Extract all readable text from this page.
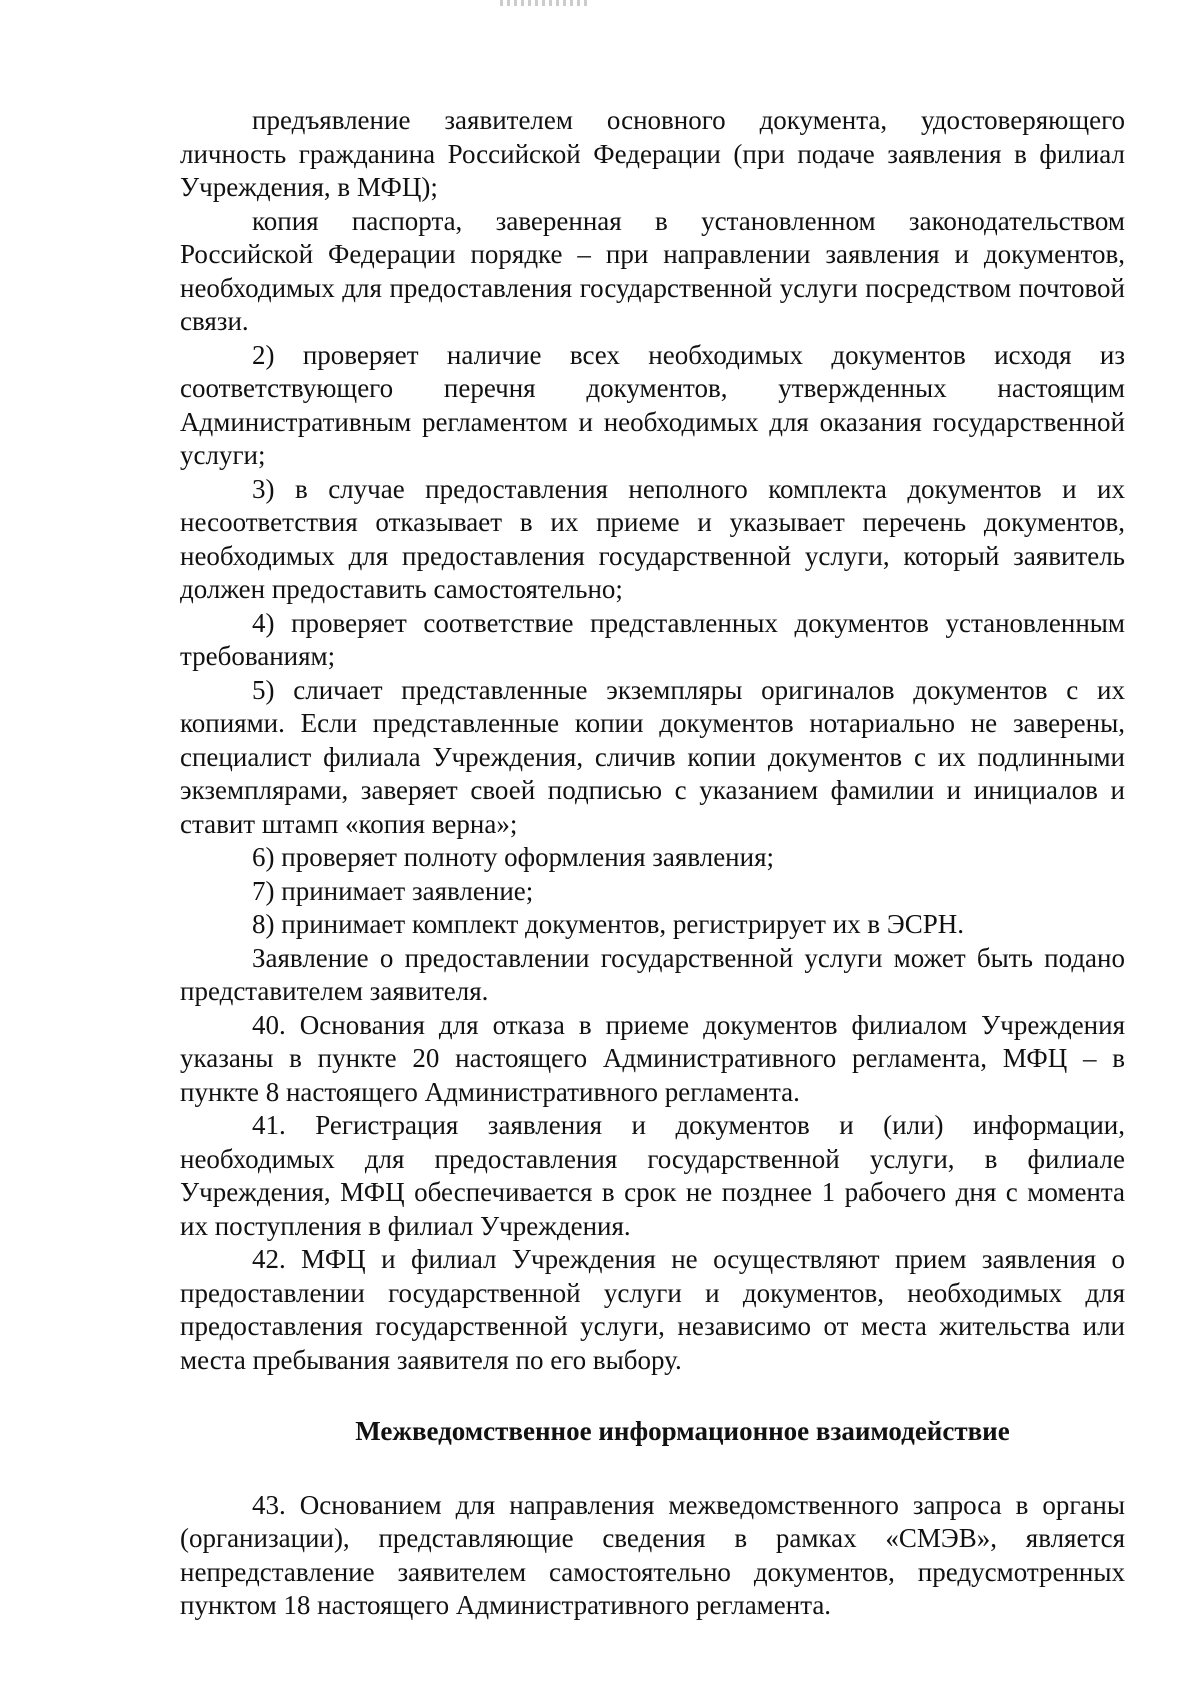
предъявление заявителем основного документа, удостоверяющего личность гражданина Российской Федерации (при подаче заявления в филиал Учреждения, в МФЦ);

копия паспорта, заверенная в установленном законодательством Российской Федерации порядке – при направлении заявления и документов, необходимых для предоставления государственной услуги посредством почтовой связи.

2) проверяет наличие всех необходимых документов исходя из соответствующего перечня документов, утвержденных настоящим Административным регламентом и необходимых для оказания государственной услуги;

3) в случае предоставления неполного комплекта документов и их несоответствия отказывает в их приеме и указывает перечень документов, необходимых для предоставления государственной услуги, который заявитель должен предоставить самостоятельно;

4) проверяет соответствие представленных документов установленным требованиям;

5) сличает представленные экземпляры оригиналов документов с их копиями. Если представленные копии документов нотариально не заверены, специалист филиала Учреждения, сличив копии документов с их подлинными экземплярами, заверяет своей подписью с указанием фамилии и инициалов и ставит штамп «копия верна»;

6) проверяет полноту оформления заявления;

7) принимает заявление;

8) принимает комплект документов, регистрирует их в ЭСРН.

Заявление о предоставлении государственной услуги может быть подано представителем заявителя.

40. Основания для отказа в приеме документов филиалом Учреждения указаны в пункте 20 настоящего Административного регламента, МФЦ – в пункте 8 настоящего Административного регламента.

41. Регистрация заявления и документов и (или) информации, необходимых для предоставления государственной услуги, в филиале Учреждения, МФЦ обеспечивается в срок не позднее 1 рабочего дня с момента их поступления в филиал Учреждения.

42. МФЦ и филиал Учреждения не осуществляют прием заявления о предоставлении государственной услуги и документов, необходимых для предоставления государственной услуги, независимо от места жительства или места пребывания заявителя по его выбору.

Межведомственное информационное взаимодействие

43. Основанием для направления межведомственного запроса в органы (организации), представляющие сведения в рамках «СМЭВ», является непредставление заявителем самостоятельно документов, предусмотренных пунктом 18 настоящего Административного регламента.
